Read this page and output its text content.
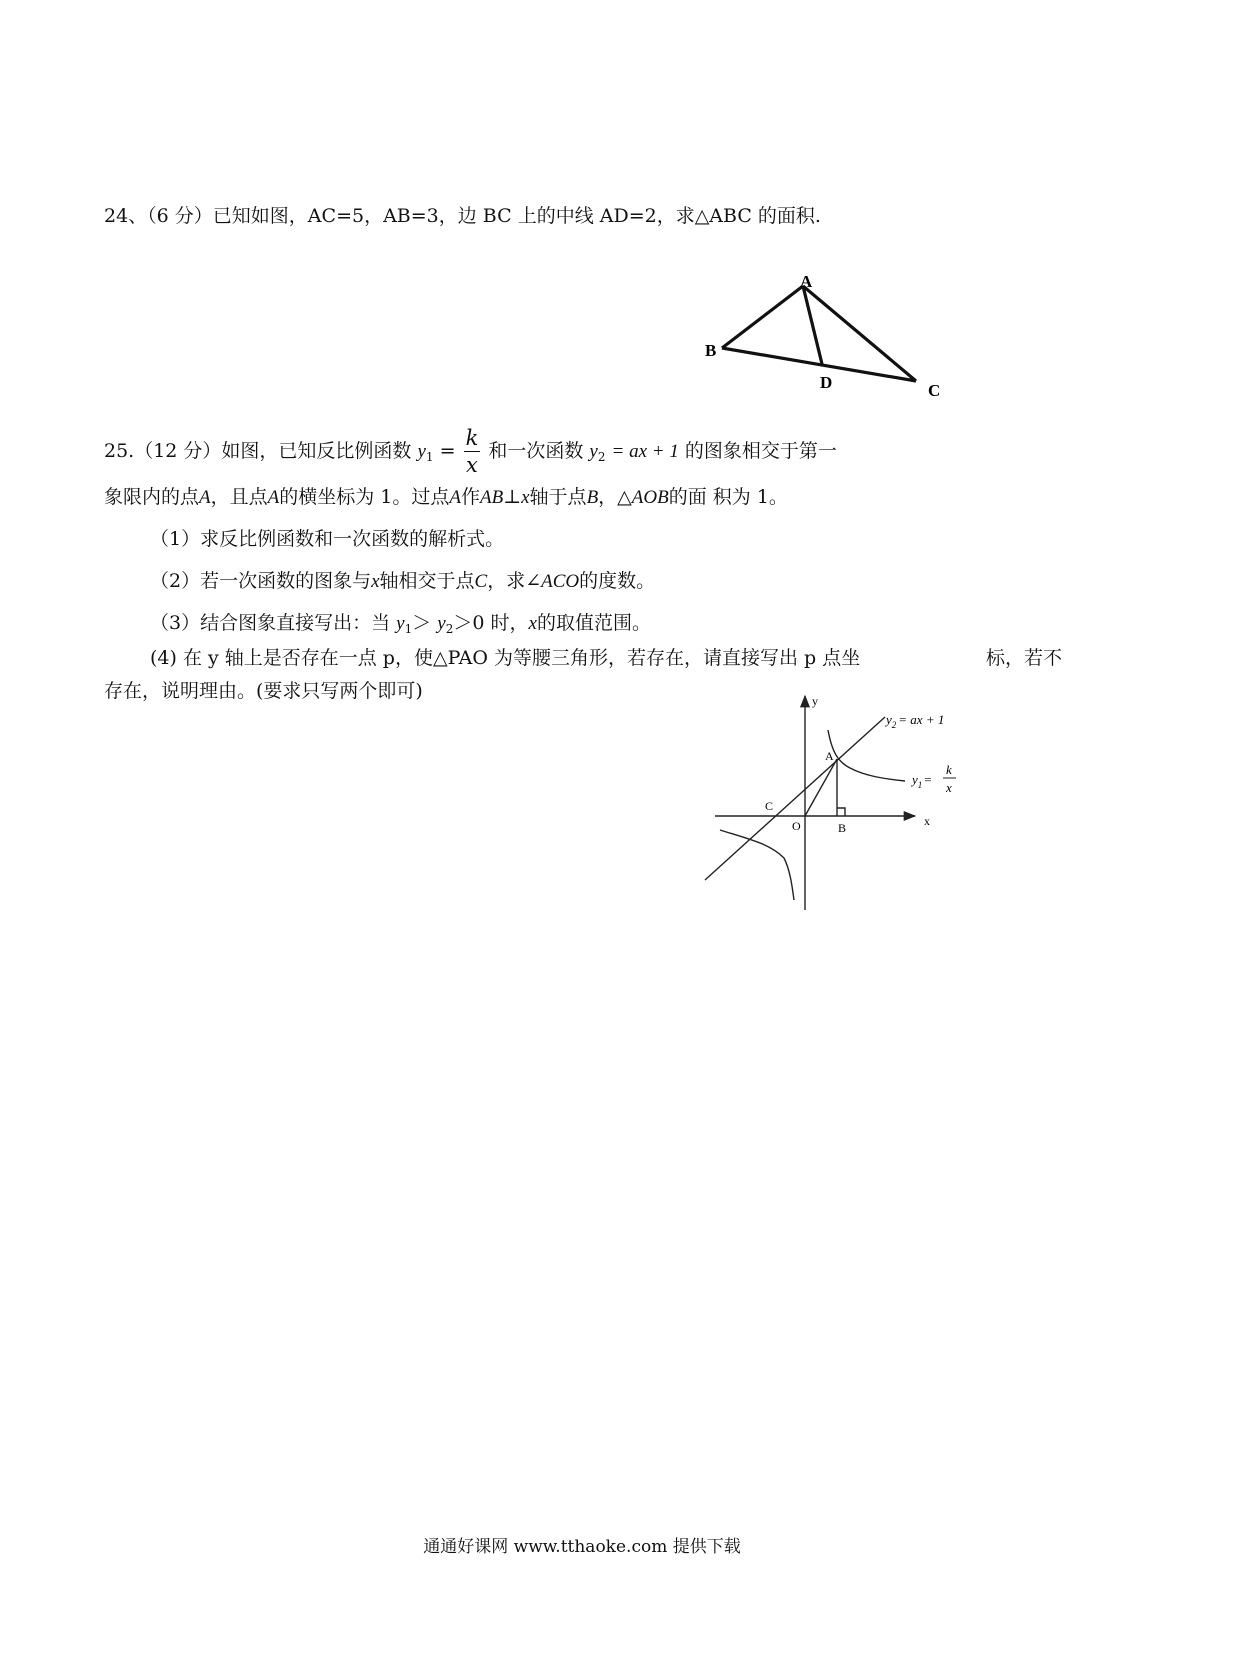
24、（6 分）已知如图，AC=5，AB=3，边 BC 上的中线 AD=2，求△ABC 的面积.
A
B
D	C
25.（12 分）如图，已知反比例函数 $y_1 = \frac{k}{x}$ 和一次函数 $y_2$ = ax + 1 的图象相交于第一
象限内的点A，且点A的横坐标为 1。过点A作AB⊥x轴于点B，△AOB的面 积为 1。
（1）求反比例函数和一次函数的解析式。
（2）若一次函数的图象与x轴相交于点C，求∠ACO的度数。
（3）结合图象直接写出：当 $y_1> y_2>0$ 时，x的取值范围。
(4) 在 y 轴上是否存在一点 p，使△PAO 为等腰三角形，若存在，请直接写出 p 点坐	标，若不
存在，说明理由。(要求只写两个即可)	y
x
O
A
B
C
$y_2$ = ax + 1
$y_1$ =
k
x
通通好课网 www.tthaoke.com 提供下载
